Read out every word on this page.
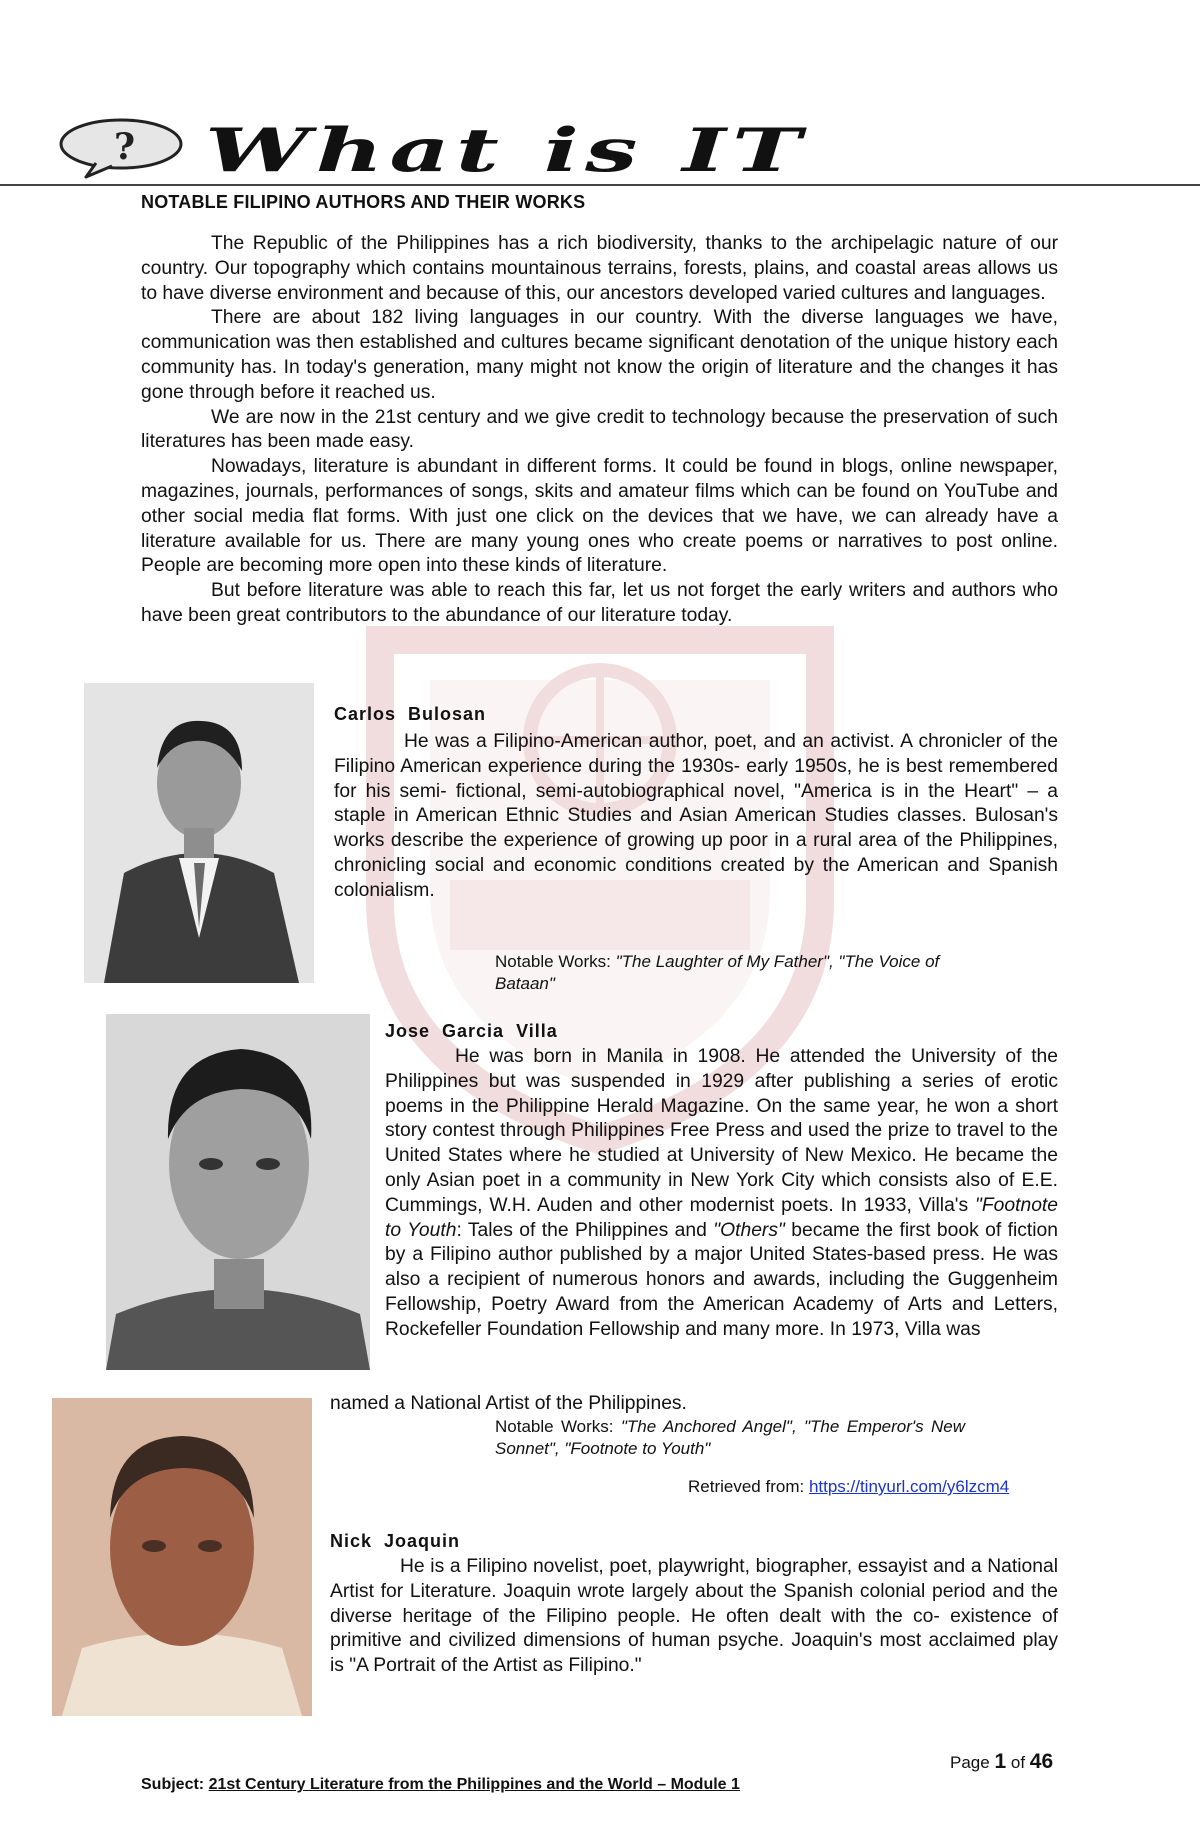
? What is IT
NOTABLE FILIPINO AUTHORS AND THEIR WORKS

The Republic of the Philippines has a rich biodiversity, thanks to the archipelagic nature of our country. Our topography which contains mountainous terrains, forests, plains, and coastal areas allows us to have diverse environment and because of this, our ancestors developed varied cultures and languages.

There are about 182 living languages in our country. With the diverse languages we have, communication was then established and cultures became significant denotation of the unique history each community has. In today's generation, many might not know the origin of literature and the changes it has gone through before it reached us.

We are now in the 21st century and we give credit to technology because the preservation of such literatures has been made easy.

Nowadays, literature is abundant in different forms. It could be found in blogs, online newspaper, magazines, journals, performances of songs, skits and amateur films which can be found on YouTube and other social media flat forms. With just one click on the devices that we have, we can already have a literature available for us. There are many young ones who create poems or narratives to post online. People are becoming more open into these kinds of literature.

But before literature was able to reach this far, let us not forget the early writers and authors who have been great contributors to the abundance of our literature today.

Carlos Bulosan

He was a Filipino-American author, poet, and an activist. A chronicler of the Filipino American experience during the 1930s- early 1950s, he is best remembered for his semi- fictional, semi-autobiographical novel, "America is in the Heart" – a staple in American Ethnic Studies and Asian American Studies classes. Bulosan's works describe the experience of growing up poor in a rural area of the Philippines, chronicling social and economic conditions created by the American and Spanish colonialism.

Notable Works: "The Laughter of My Father", "The Voice of Bataan"
Jose Garcia Villa

He was born in Manila in 1908. He attended the University of the Philippines but was suspended in 1929 after publishing a series of erotic poems in the Philippine Herald Magazine. On the same year, he won a short story contest through Philippines Free Press and used the prize to travel to the United States where he studied at University of New Mexico. He became the only Asian poet in a community in New York City which consists also of E.E. Cummings, W.H. Auden and other modernist poets. In 1933, Villa's "Footnote to Youth: Tales of the Philippines and "Others" became the first book of fiction by a Filipino author published by a major United States-based press. He was also a recipient of numerous honors and awards, including the Guggenheim Fellowship, Poetry Award from the American Academy of Arts and Letters, Rockefeller Foundation Fellowship and many more. In 1973, Villa was

named a National Artist of the Philippines.
Notable Works: "The Anchored Angel", "The Emperor's New Sonnet", "Footnote to Youth"
Retrieved from: https://tinyurl.com/y6lzcm4
Nick Joaquin

He is a Filipino novelist, poet, playwright, biographer, essayist and a National Artist for Literature. Joaquin wrote largely about the Spanish colonial period and the diverse heritage of the Filipino people. He often dealt with the co- existence of primitive and civilized dimensions of human psyche. Joaquin's most acclaimed play is "A Portrait of the Artist as Filipino."

Page 1 of 46
Subject: 21st Century Literature from the Philippines and the World – Module 1
